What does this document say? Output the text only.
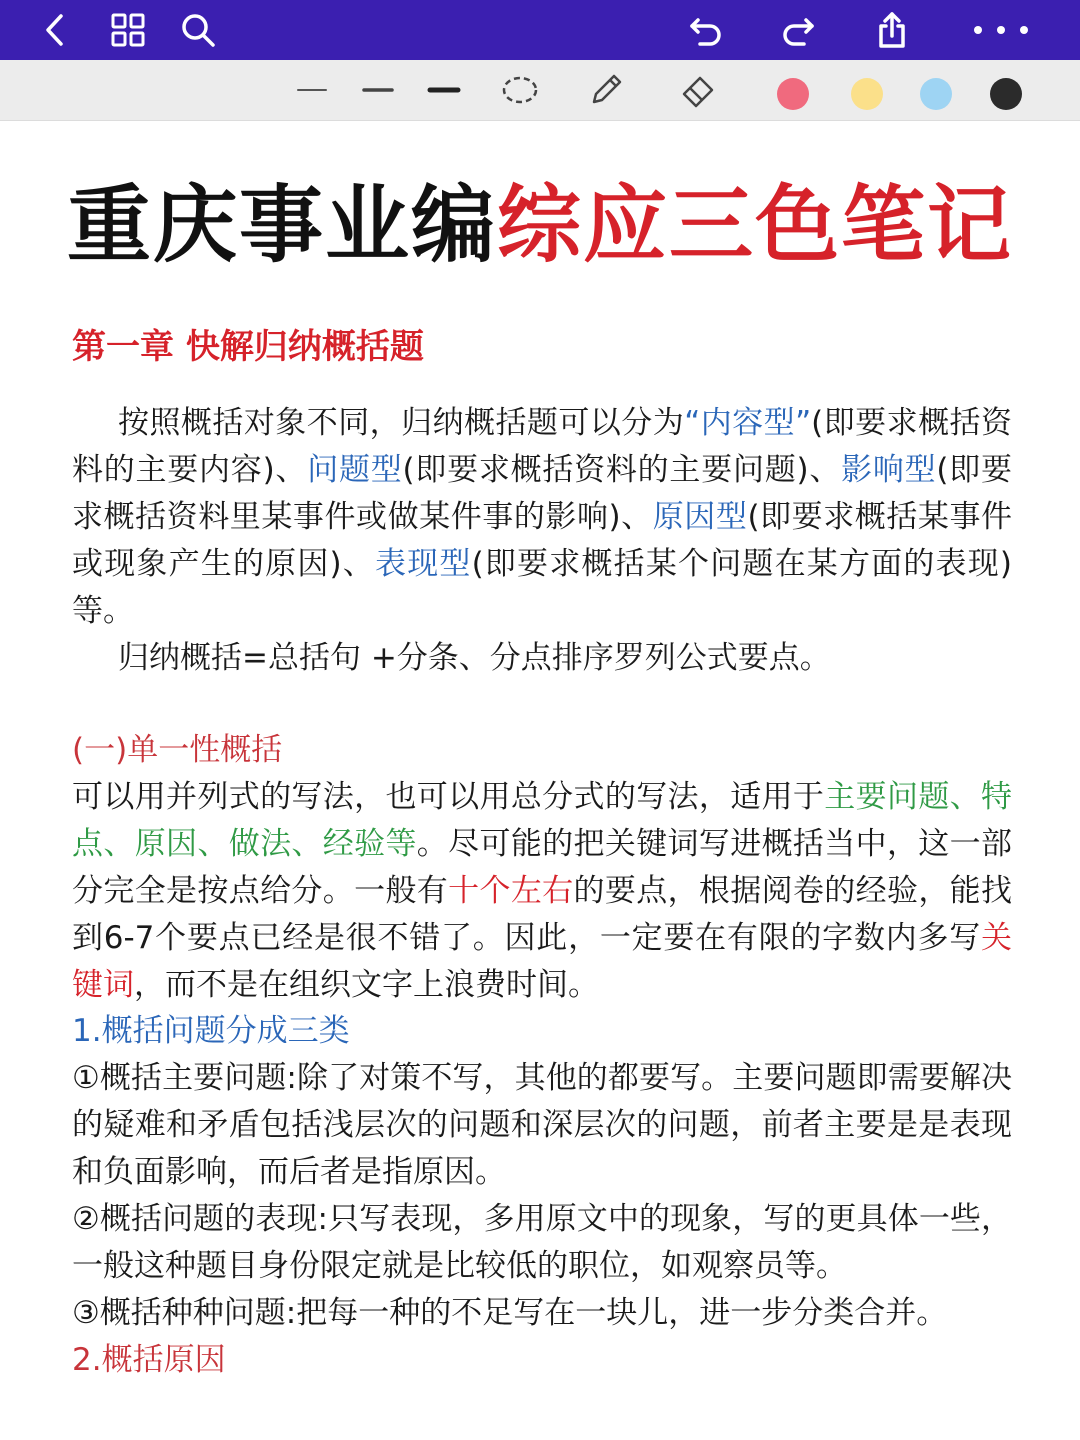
重庆事业编综应三色笔记
第一章 快解归纳概括题
按照概括对象不同，归纳概括题可以分为“内容型”(即要求概括资料的主要内容)、问题型(即要求概括资料的主要问题)、影响型(即要求概括资料里某事件或做某件事的影响)、原因型(即要求概括某事件或现象产生的原因)、表现型(即要求概括某个问题在某方面的表现)等。
归纳概括=总括句 +分条、分点排序罗列公式要点。
(一)单一性概括
可以用并列式的写法，也可以用总分式的写法，适用于主要问题、特点、原因、做法、经验等。尽可能的把关键词写进概括当中，这一部分完全是按点给分。一般有十个左右的要点，根据阅卷的经验，能找到6-7个要点已经是很不错了。因此，一定要在有限的字数内多写关键词，而不是在组织文字上浪费时间。
1.概括问题分成三类
①概括主要问题:除了对策不写，其他的都要写。主要问题即需要解决的疑难和矛盾包括浅层次的问题和深层次的问题，前者主要是是表现和负面影响，而后者是指原因。
②概括问题的表现:只写表现，多用原文中的现象，写的更具体一些，一般这种题目身份限定就是比较低的职位，如观察员等。
③概括种种问题:把每一种的不足写在一块儿，进一步分类合并。
2.概括原因
